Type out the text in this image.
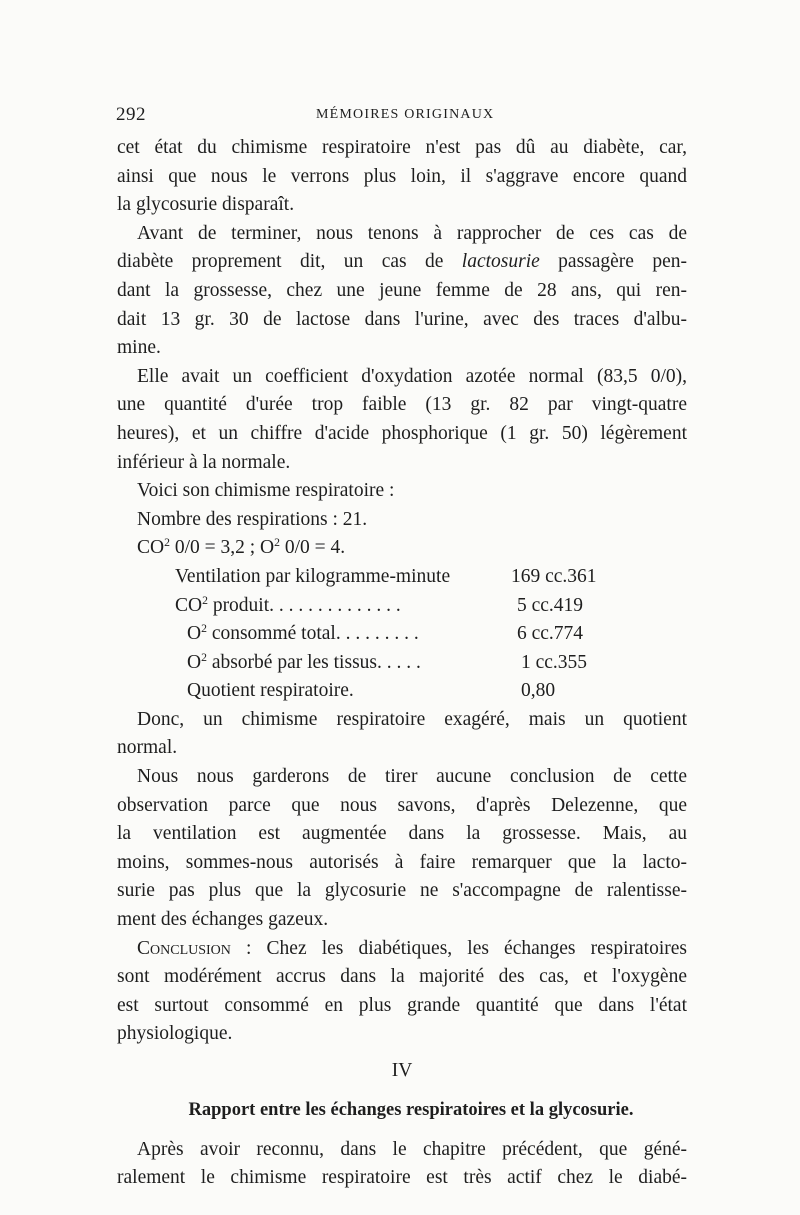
292	MÉMOIRES ORIGINAUX
cet état du chimisme respiratoire n'est pas dû au diabète, car,
ainsi que nous le verrons plus loin, il s'aggrave encore quand
la glycosurie disparaît.
Avant de terminer, nous tenons à rapprocher de ces cas de
diabète proprement dit, un cas de lactosurie passagère pen-
dant la grossesse, chez une jeune femme de 28 ans, qui ren-
dait 13 gr. 30 de lactose dans l'urine, avec des traces d'albu-
mine.
Elle avait un coefficient d'oxydation azotée normal (83,5 0/0),
une quantité d'urée trop faible (13 gr. 82 par vingt-quatre
heures), et un chiffre d'acide phosphorique (1 gr. 50) légèrement
inférieur à la normale.
Voici son chimisme respiratoire :
Nombre des respirations : 21.
$CO^2$ 0/0 = 3,2 ; $O^2$ 0/0 = 4.
Ventilation par kilogramme-minute	169 cc.361
$CO^2$ produit. . . . . . . . . . . . . .	5 cc.419
$O^2$ consommé total. . . . . . . . .	6 cc.774
$O^2$ absorbé par les tissus. . . . .	1 cc.355
Quotient respiratoire.	0,80
Donc, un chimisme respiratoire exagéré, mais un quotient
normal.
Nous nous garderons de tirer aucune conclusion de cette
observation parce que nous savons, d'après Delezenne, que
la ventilation est augmentée dans la grossesse. Mais, au
moins, sommes-nous autorisés à faire remarquer que la lacto-
surie pas plus que la glycosurie ne s'accompagne de ralentisse-
ment des échanges gazeux.
Conclusion : Chez les diabétiques, les échanges respiratoires
sont modérément accrus dans la majorité des cas, et l'oxygène
est surtout consommé en plus grande quantité que dans l'état
physiologique.
IV
Rapport entre les échanges respiratoires et la glycosurie.
Après avoir reconnu, dans le chapitre précédent, que géné-
ralement le chimisme respiratoire est très actif chez le diabé-
